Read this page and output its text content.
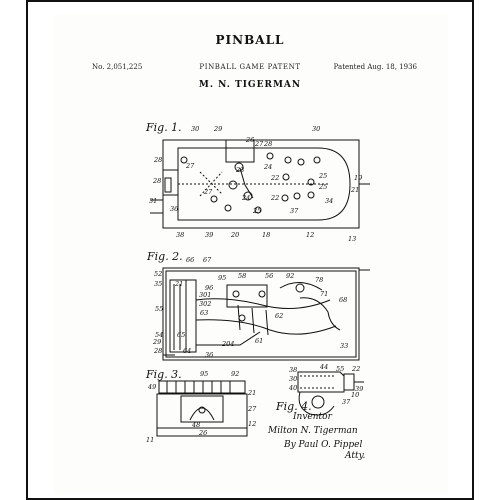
PINBALL
No. 2,051,225	PINBALL GAME PATENT	Patented Aug. 18, 1936
M. N. TIGERMAN
Fig. 1. 30 29
26 27 28
30
28
24
27
28
23
25	19
21
22
27
24	22
25
34
25
31
36	37
38	39	20	18	12	13
Fig. 2. 66 67
52	95 58	56 92	78
35	96
301
302
71
68
55	63	62
54 65
29
28
204
64
61
36
33
21
Fig. 3.
49
95	92
21
27
48	12
11
26
Fig. 4.
38
30
40
44 55 22
39
37
10
Inventor
Milton N. Tigerman
By Paul O. Pippel
Atty.
